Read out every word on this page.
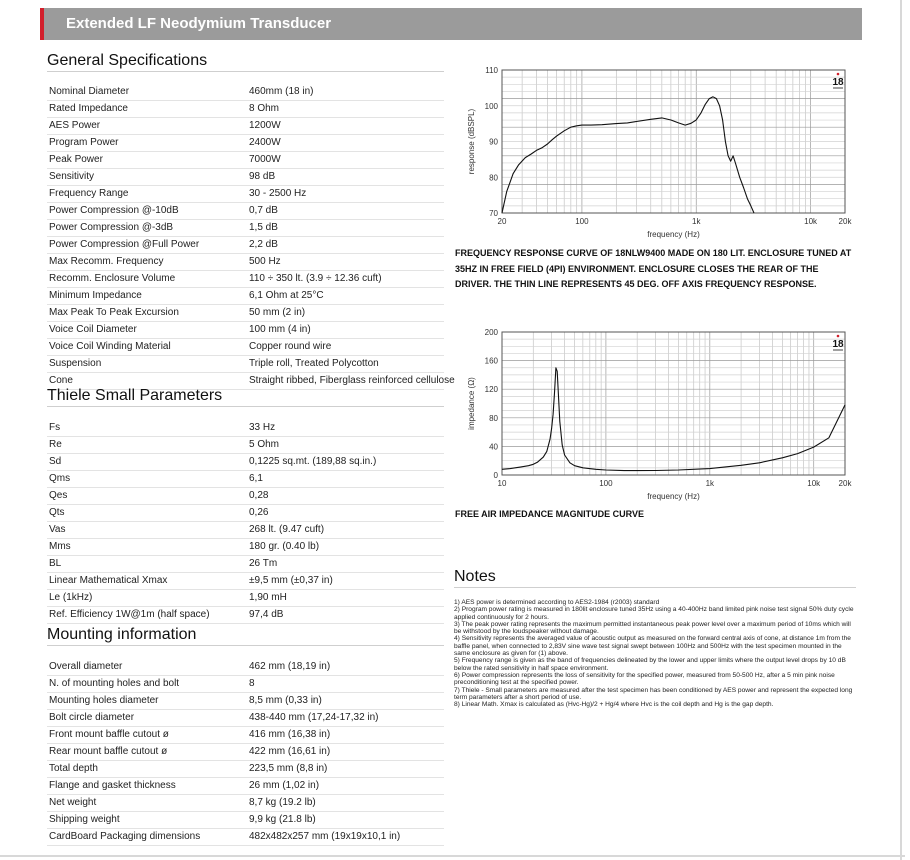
Extended LF Neodymium Transducer
General Specifications
Nominal Diameter	460mm (18 in)
Rated Impedance	8 Ohm
AES Power	1200W
Program Power	2400W
Peak Power	7000W
Sensitivity	98 dB
Frequency Range	30 - 2500 Hz
Power Compression @-10dB	0,7 dB
Power Compression @-3dB	1,5 dB
Power Compression @Full Power	2,2 dB
Max Recomm. Frequency	500 Hz
Recomm. Enclosure Volume	110 ÷ 350 lt. (3.9 ÷ 12.36 cuft)
Minimum Impedance	6,1 Ohm at 25°C
Max Peak To Peak Excursion	50 mm (2 in)
Voice Coil Diameter	100 mm (4 in)
Voice Coil Winding Material	Copper round wire
Suspension	Triple roll, Treated Polycotton
Cone	Straight ribbed, Fiberglass reinforced cellulose
Thiele Small Parameters
Fs	33 Hz
Re	5 Ohm
Sd	0,1225 sq.mt. (189,88 sq.in.)
Qms	6,1
Qes	0,28
Qts	0,26
Vas	268 lt. (9.47 cuft)
Mms	180 gr. (0.40 lb)
BL	26 Tm
Linear Mathematical Xmax	±9,5 mm (±0,37 in)
Le (1kHz)	1,90 mH
Ref. Efficiency 1W@1m (half space)	97,4 dB
Mounting information
Overall diameter	462 mm (18,19 in)
N. of mounting holes and bolt	8
Mounting holes diameter	8,5 mm (0,33 in)
Bolt circle diameter	438-440 mm (17,24-17,32 in)
Front mount baffle cutout ø	416 mm (16,38 in)
Rear mount baffle cutout ø	422 mm (16,61 in)
Total depth	223,5 mm (8,8 in)
Flange and gasket thickness	26 mm (1,02 in)
Net weight	8,7 kg (19.2 lb)
Shipping weight	9,9 kg (21.8 lb)
CardBoard Packaging dimensions	482x482x257 mm (19x19x10,1 in)
110
100
90
80
70
20	100	1k	10k	20k
frequency (Hz)
response (dBSPL)
18
FREQUENCY RESPONSE CURVE OF 18NLW9400 MADE ON 180 LIT. ENCLOSURE TUNED AT 35HZ IN FREE FIELD (4PI) ENVIRONMENT. ENCLOSURE CLOSES THE REAR OF THE DRIVER. THE THIN LINE REPRESENTS 45 DEG. OFF AXIS FREQUENCY RESPONSE.
200
160
120
80
40
0
10	100	1k	10k 20k
frequency (Hz)
impedance (Ω)
18
FREE AIR IMPEDANCE MAGNITUDE CURVE
Notes
1) AES power is determined according to AES2-1984 (r2003) standard
2) Program power rating is measured in 180lit enclosure tuned 35Hz using a 40-400Hz band limited pink noise test signal 50% duty cycle applied continuously for 2 hours.
3) The peak power rating represents the maximum permitted instantaneous peak power level over a maximum period of 10ms which will be withstood by the loudspeaker without damage.
4) Sensitivity represents the averaged value of acoustic output as measured on the forward central axis of cone, at distance 1m from the baffle panel, when connected to 2,83V sine wave test signal swept between 100Hz and 500Hz with the test specimen mounted in the same enclosure as given for (1) above.
5) Frequency range is given as the band of frequencies delineated by the lower and upper limits where the output level drops by 10 dB below the rated sensitivity in half space environment.
6) Power compression represents the loss of sensitivity for the specified power, measured from 50-500 Hz, after a 5 min pink noise preconditioning test at the specified power.
7) Thiele - Small parameters are measured after the test specimen has been conditioned by AES power and represent the expected long term parameters after a short period of use.
8) Linear Math. Xmax is calculated as (Hvc-Hg)/2 + Hg/4 where Hvc is the coil depth and Hg is the gap depth.
